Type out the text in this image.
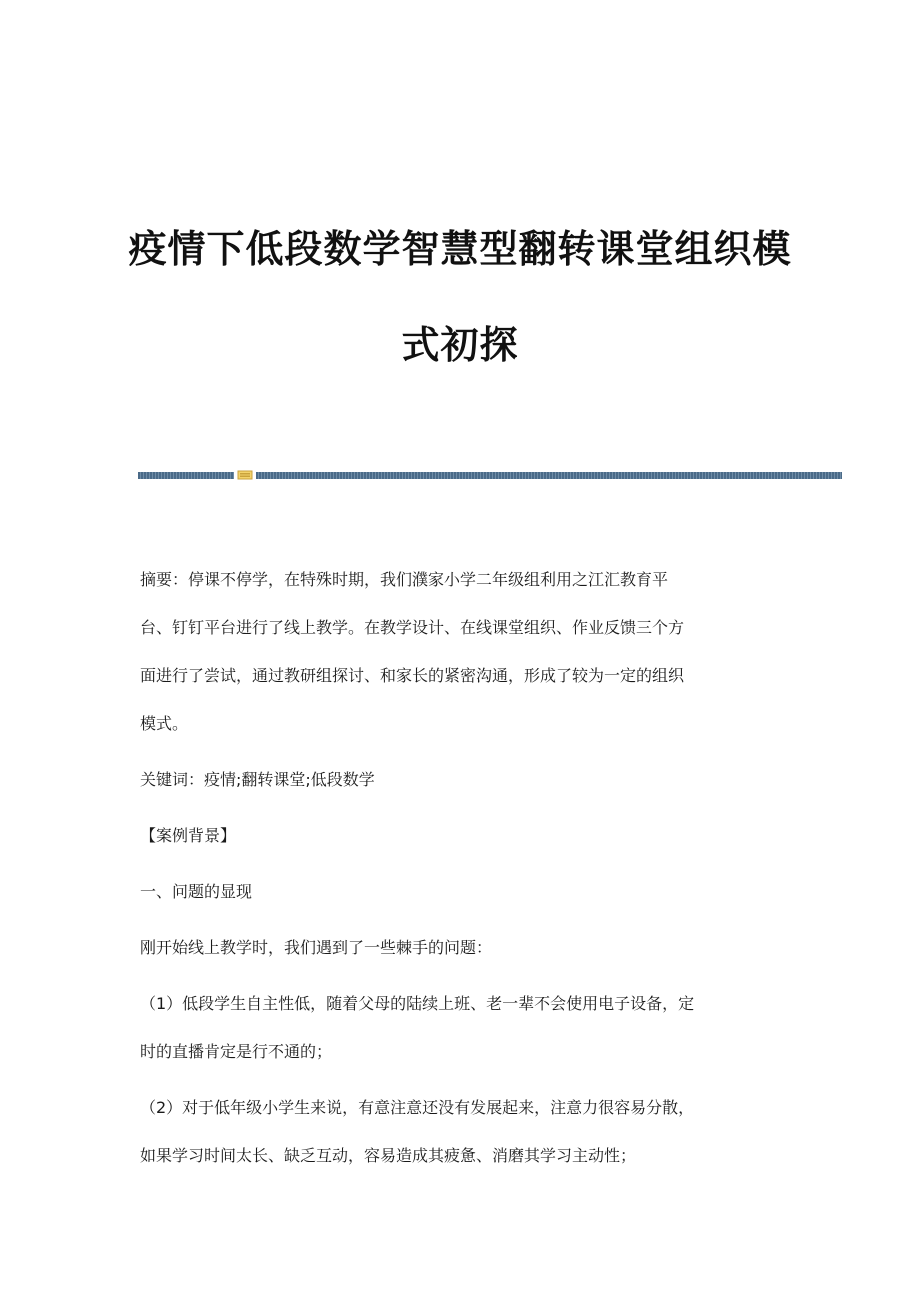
疫情下低段数学智慧型翻转课堂组织模
式初探

摘要：停课不停学，在特殊时期，我们濮家小学二年级组利用之江汇教育平

台、钉钉平台进行了线上教学。在教学设计、在线课堂组织、作业反馈三个方

面进行了尝试，通过教研组探讨、和家长的紧密沟通，形成了较为一定的组织

模式。

关键词：疫情;翻转课堂;低段数学

【案例背景】

一、问题的显现

刚开始线上教学时，我们遇到了一些棘手的问题：

（1）低段学生自主性低，随着父母的陆续上班、老一辈不会使用电子设备，定

时的直播肯定是行不通的；

（2）对于低年级小学生来说，有意注意还没有发展起来，注意力很容易分散，

如果学习时间太长、缺乏互动，容易造成其疲惫、消磨其学习主动性；
